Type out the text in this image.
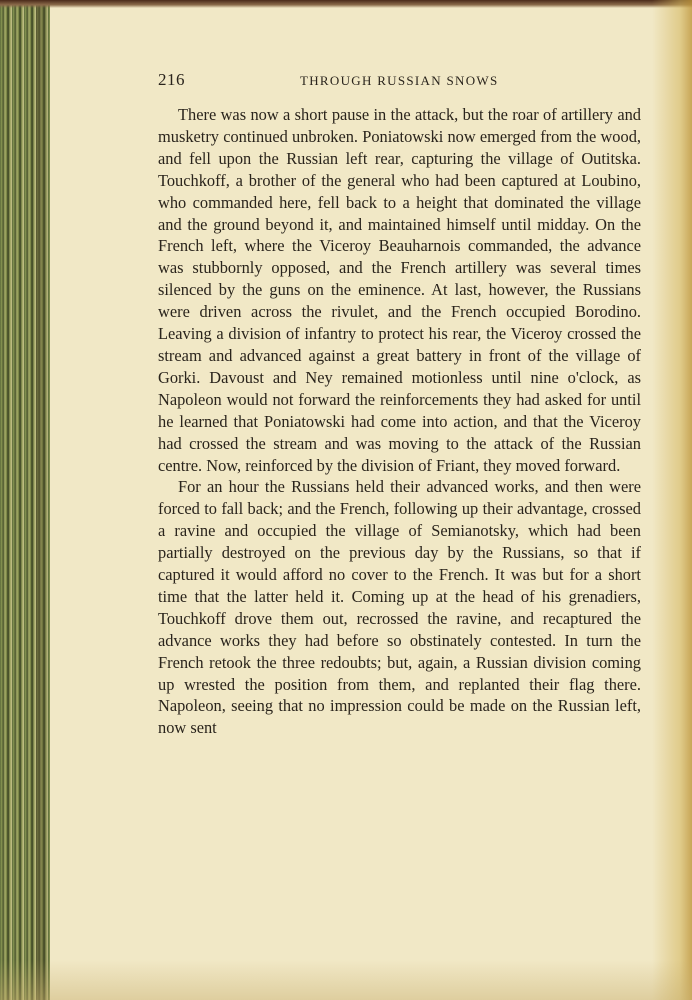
216	THROUGH RUSSIAN SNOWS

There was now a short pause in the attack, but the roar of artillery and musketry continued unbroken. Poniatowski now emerged from the wood, and fell upon the Russian left rear, capturing the village of Outitska. Touchkoff, a brother of the general who had been captured at Loubino, who commanded here, fell back to a height that dominated the village and the ground beyond it, and maintained himself until midday. On the French left, where the Viceroy Beauharnois commanded, the advance was stubbornly opposed, and the French artillery was several times silenced by the guns on the eminence. At last, however, the Russians were driven across the rivulet, and the French occupied Borodino. Leaving a division of infantry to protect his rear, the Viceroy crossed the stream and advanced against a great battery in front of the village of Gorki. Davoust and Ney remained motionless until nine o'clock, as Napoleon would not forward the reinforcements they had asked for until he learned that Poniatowski had come into action, and that the Viceroy had crossed the stream and was moving to the attack of the Russian centre. Now, reinforced by the division of Friant, they moved forward.

For an hour the Russians held their advanced works, and then were forced to fall back; and the French, following up their advantage, crossed a ravine and occupied the village of Semianotsky, which had been partially destroyed on the previous day by the Russians, so that if captured it would afford no cover to the French. It was but for a short time that the latter held it. Coming up at the head of his grenadiers, Touchkoff drove them out, recrossed the ravine, and recaptured the advance works they had before so obstinately contested. In turn the French retook the three redoubts; but, again, a Russian division coming up wrested the position from them, and replanted their flag there. Napoleon, seeing that no impression could be made on the Russian left, now sent
